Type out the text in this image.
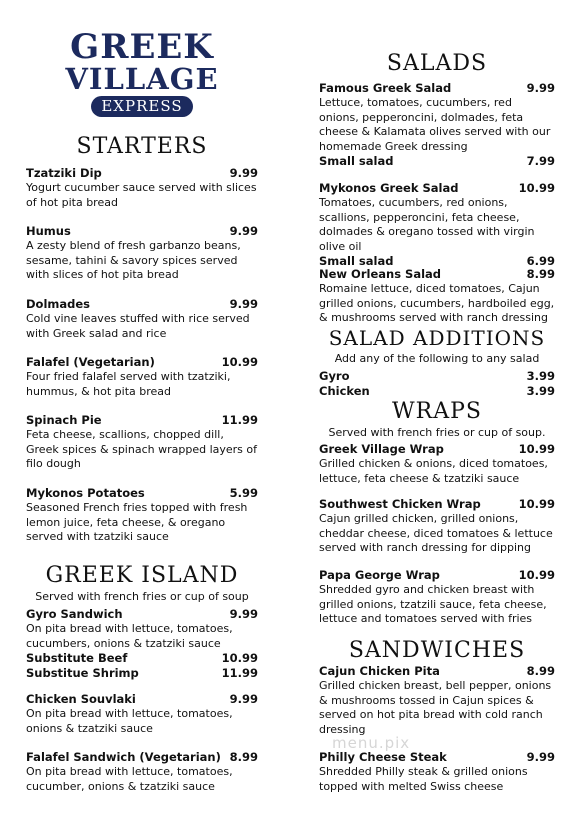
GREEK
VILLAGE
EXPRESS
STARTERS
Tzatziki Dip	9.99
Yogurt cucumber sauce served with slices of hot pita bread
Humus	9.99
A zesty blend of fresh garbanzo beans, sesame, tahini & savory spices served with slices of hot pita bread
Dolmades	9.99
Cold vine leaves stuffed with rice served with Greek salad and rice
Falafel (Vegetarian)	10.99
Four fried falafel served with tzatziki, hummus, & hot pita bread
Spinach Pie	11.99
Feta cheese, scallions, chopped dill, Greek spices & spinach wrapped layers of filo dough
Mykonos Potatoes	5.99
Seasoned French fries topped with fresh lemon juice, feta cheese, & oregano served with tzatziki sauce
GREEK ISLAND
Served with french fries or cup of soup
Gyro Sandwich	9.99
On pita bread with lettuce, tomatoes, cucumbers, onions & tzatziki sauce
Substitute Beef	10.99
Substitue Shrimp	11.99
Chicken Souvlaki	9.99
On pita bread with lettuce, tomatoes, onions & tzatziki sauce
Falafel Sandwich (Vegetarian) 8.99
On pita bread with lettuce, tomatoes, cucumber, onions & tzatziki sauce
SALADS
Famous Greek Salad	9.99
Lettuce, tomatoes, cucumbers, red onions, pepperoncini, dolmades, feta cheese & Kalamata olives served with our homemade Greek dressing
Small salad	7.99
Mykonos Greek Salad	10.99
Tomatoes, cucumbers, red onions, scallions, pepperoncini, feta cheese, dolmades & oregano tossed with virgin olive oil
Small salad	6.99
New Orleans Salad	8.99
Romaine lettuce, diced tomatoes, Cajun grilled onions, cucumbers, hardboiled egg, & mushrooms served with ranch dressing
SALAD ADDITIONS
Add any of the following to any salad
Gyro	3.99
Chicken	3.99
WRAPS
Served with french fries or cup of soup.
Greek Village Wrap	10.99
Grilled chicken & onions, diced tomatoes, lettuce, feta cheese & tzatziki sauce
Southwest Chicken Wrap	10.99
Cajun grilled chicken, grilled onions, cheddar cheese, diced tomatoes & lettuce served with ranch dressing for dipping
Papa George Wrap	10.99
Shredded gyro and chicken breast with grilled onions, tzatzili sauce, feta cheese, lettuce and tomatoes served with fries
SANDWICHES
Cajun Chicken Pita	8.99
Grilled chicken breast, bell pepper, onions & mushrooms tossed in Cajun spices & served on hot pita bread with cold ranch dressing
Philly Cheese Steak	9.99
Shredded Philly steak & grilled onions topped with melted Swiss cheese
menu.pix
